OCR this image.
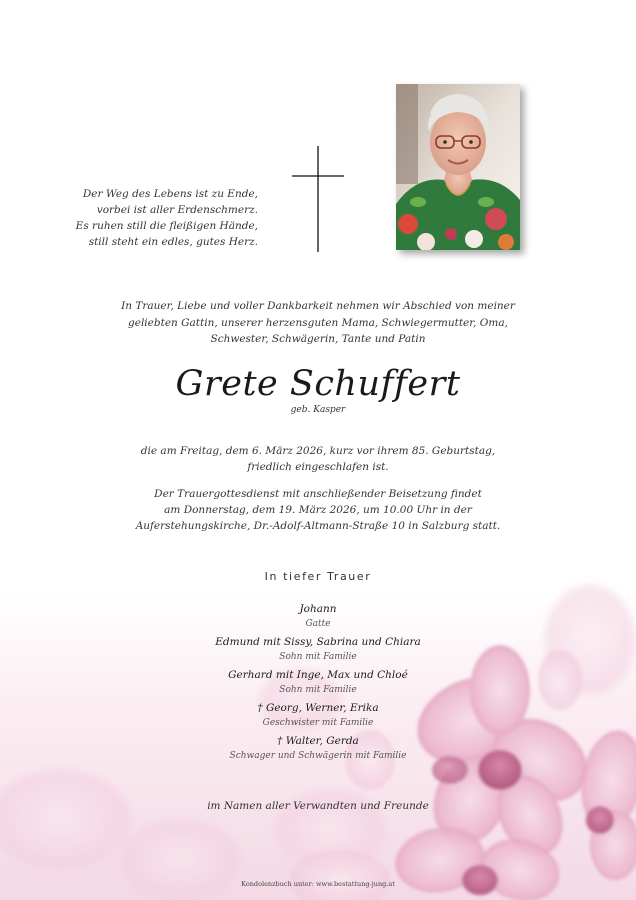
Der Weg des Lebens ist zu Ende,
vorbei ist aller Erdenschmerz.
Es ruhen still die fleißigen Hände,
still steht ein edles, gutes Herz.
In Trauer, Liebe und voller Dankbarkeit nehmen wir Abschied von meiner
geliebten Gattin, unserer herzensguten Mama, Schwiegermutter, Oma,
Schwester, Schwägerin, Tante und Patin
Grete Schuffert
geb. Kasper
die am Freitag, dem 6. März 2026, kurz vor ihrem 85. Geburtstag,
friedlich eingeschlafen ist.
Der Trauergottesdienst mit anschließender Beisetzung findet
am Donnerstag, dem 19. März 2026, um 10.00 Uhr in der
Auferstehungskirche, Dr.-Adolf-Altmann-Straße 10 in Salzburg statt.
In tiefer Trauer
Johann
Gatte
Edmund mit Sissy, Sabrina und Chiara
Sohn mit Familie
Gerhard mit Inge, Max und Chloé
Sohn mit Familie
† Georg, Werner, Erika
Geschwister mit Familie
† Walter, Gerda
Schwager und Schwägerin mit Familie
im Namen aller Verwandten und Freunde
Kondolenzbuch unter: www.bestattung-jung.at
